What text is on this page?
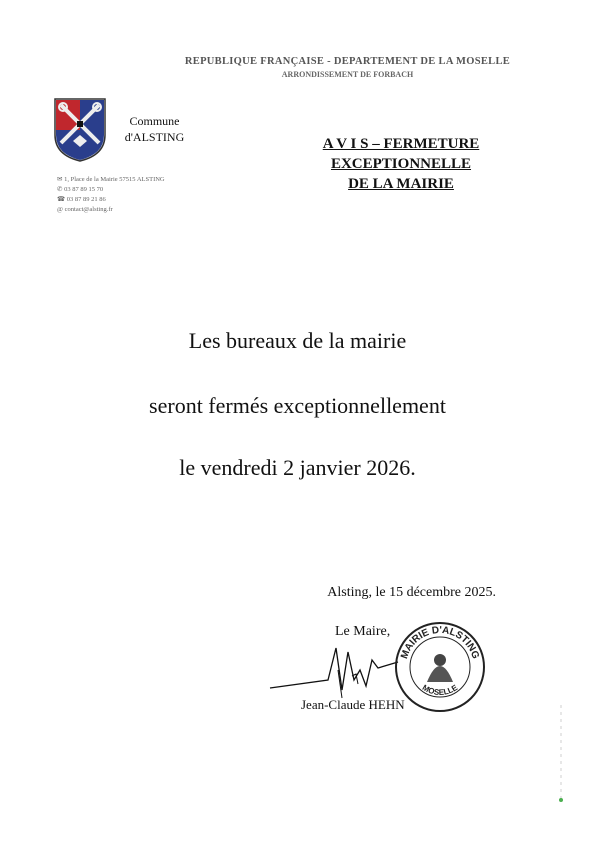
REPUBLIQUE FRANÇAISE - DEPARTEMENT DE LA MOSELLE
ARRONDISSEMENT DE FORBACH
Commune
d'ALSTING
✉ 1, Place de la Mairie 57515 ALSTING
✆ 03 87 89 15 70
☎ 03 87 89 21 86
@ contact@alsting.fr
A V I S – FERMETURE
EXCEPTIONNELLE
DE LA MAIRIE
Les bureaux de la mairie
seront fermés exceptionnellement
le vendredi 2 janvier 2026.
Alsting, le 15 décembre 2025.
Le Maire,
Jean-Claude HEHN
MAIRIE D'ALSTING
MOSELLE
